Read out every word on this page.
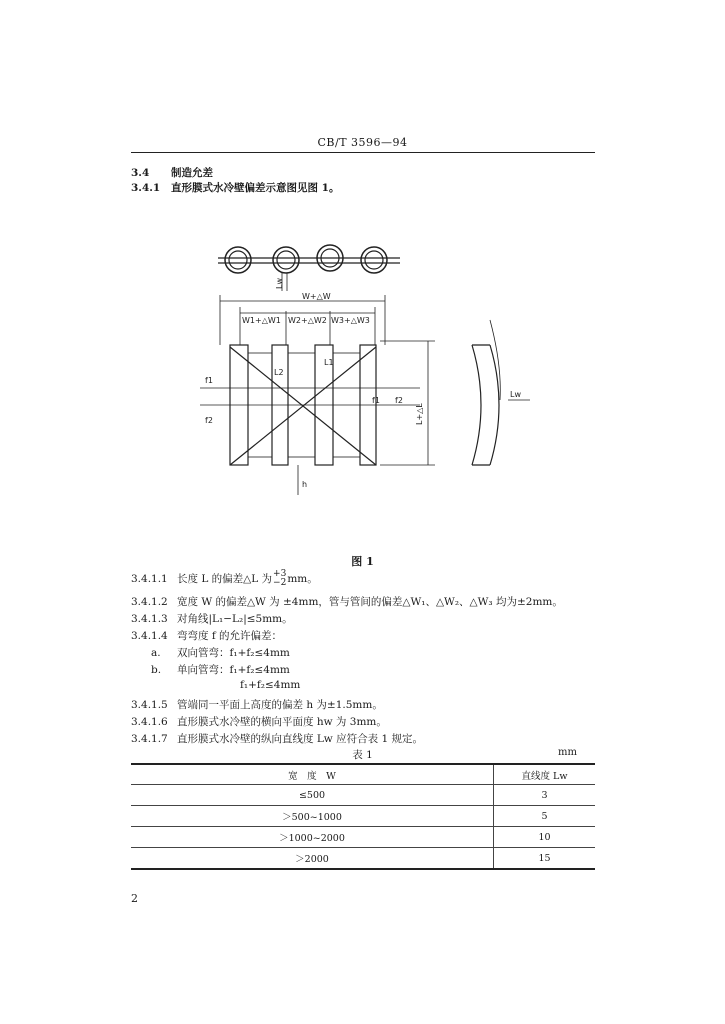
CB/T 3596—94
3.4 制造允差
3.4.1 直形膜式水冷壁偏差示意图见图 1。
Lw
W+△W
W1+△W1 W2+△W2 W3+△W3
L1
L2
f1
f2
f1 f2
L+△L
Lw
h
图 1
3.4.1.1 长度 L 的偏差△L 为 +3
−2 mm。
3.4.1.2 宽度 W 的偏差△W 为 ±4mm，管与管间的偏差△W₁、△W₂、△W₃ 均为±2mm。
3.4.1.3 对角线|L₁−L₂|≤5mm。
3.4.1.4 弯弯度 f 的允许偏差：
a. 双向管弯：f₁+f₂≤4mm
b. 单向管弯：f₁+f₂≤4mm
f₁+f₂≤4mm
3.4.1.5 管端同一平面上高度的偏差 h 为±1.5mm。
3.4.1.6 直形膜式水冷壁的横向平面度 hw 为 3mm。
3.4.1.7 直形膜式水冷壁的纵向直线度 Lw 应符合表 1 规定。
表 1	mm
宽　度　W	直线度 Lw
≤500	3
＞500~1000	5
＞1000~2000	10
＞2000	15
2
